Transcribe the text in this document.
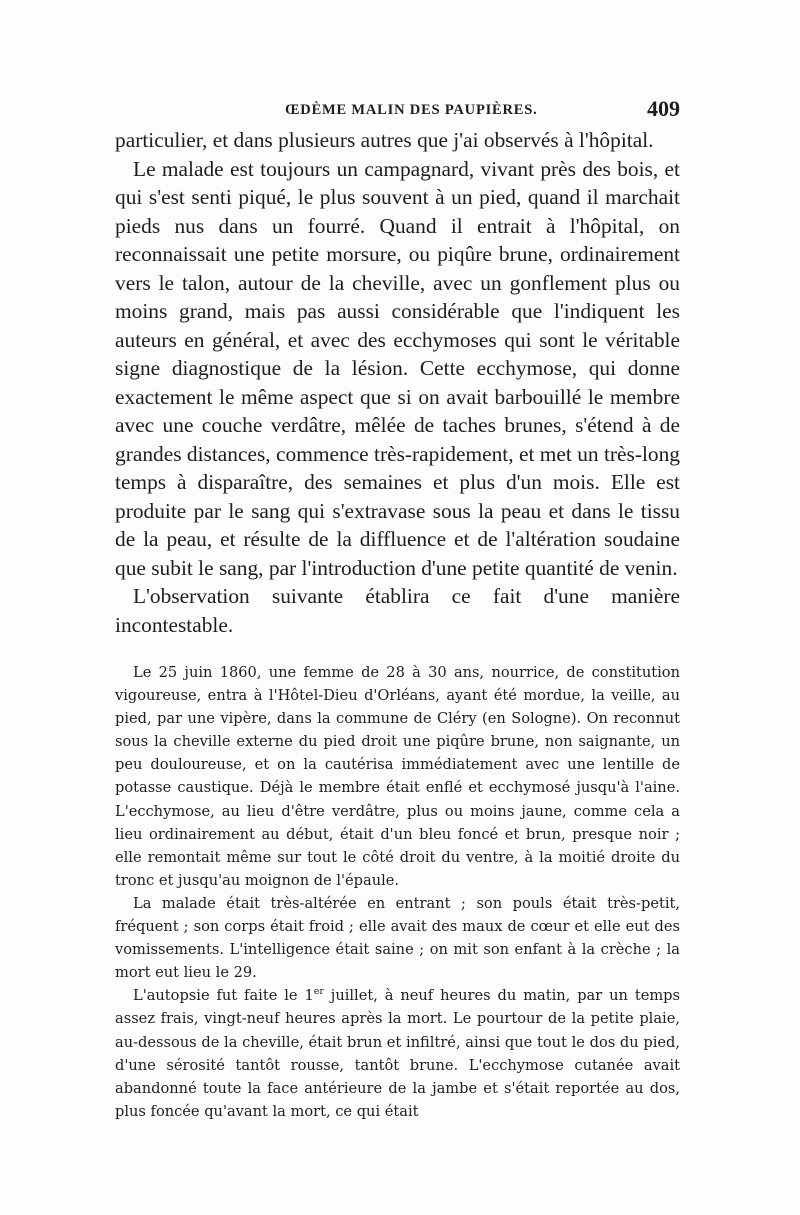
ŒDÈME MALIN DES PAUPIÈRES.	409

particulier, et dans plusieurs autres que j'ai observés à l'hôpital.

Le malade est toujours un campagnard, vivant près des bois, et qui s'est senti piqué, le plus souvent à un pied, quand il marchait pieds nus dans un fourré. Quand il entrait à l'hôpital, on reconnaissait une petite morsure, ou piqûre brune, ordinairement vers le talon, autour de la cheville, avec un gonflement plus ou moins grand, mais pas aussi considérable que l'indiquent les auteurs en général, et avec des ecchymoses qui sont le véritable signe diagnostique de la lésion. Cette ecchymose, qui donne exactement le même aspect que si on avait barbouillé le membre avec une couche verdâtre, mêlée de taches brunes, s'étend à de grandes distances, commence très-rapidement, et met un très-long temps à disparaître, des semaines et plus d'un mois. Elle est produite par le sang qui s'extravase sous la peau et dans le tissu de la peau, et résulte de la diffluence et de l'altération soudaine que subit le sang, par l'introduction d'une petite quantité de venin.

L'observation suivante établira ce fait d'une manière incontestable.

Le 25 juin 1860, une femme de 28 à 30 ans, nourrice, de constitution vigoureuse, entra à l'Hôtel-Dieu d'Orléans, ayant été mordue, la veille, au pied, par une vipère, dans la commune de Cléry (en Sologne). On reconnut sous la cheville externe du pied droit une piqûre brune, non saignante, un peu douloureuse, et on la cautérisa immédiatement avec une lentille de potasse caustique. Déjà le membre était enflé et ecchymosé jusqu'à l'aine. L'ecchymose, au lieu d'être verdâtre, plus ou moins jaune, comme cela a lieu ordinairement au début, était d'un bleu foncé et brun, presque noir ; elle remontait même sur tout le côté droit du ventre, à la moitié droite du tronc et jusqu'au moignon de l'épaule.

La malade était très-altérée en entrant ; son pouls était très-petit, fréquent ; son corps était froid ; elle avait des maux de cœur et elle eut des vomissements. L'intelligence était saine ; on mit son enfant à la crèche ; la mort eut lieu le 29.

L'autopsie fut faite le 1er juillet, à neuf heures du matin, par un temps assez frais, vingt-neuf heures après la mort. Le pourtour de la petite plaie, au-dessous de la cheville, était brun et infiltré, ainsi que tout le dos du pied, d'une sérosité tantôt rousse, tantôt brune. L'ecchymose cutanée avait abandonné toute la face antérieure de la jambe et s'était reportée au dos, plus foncée qu'avant la mort, ce qui était
